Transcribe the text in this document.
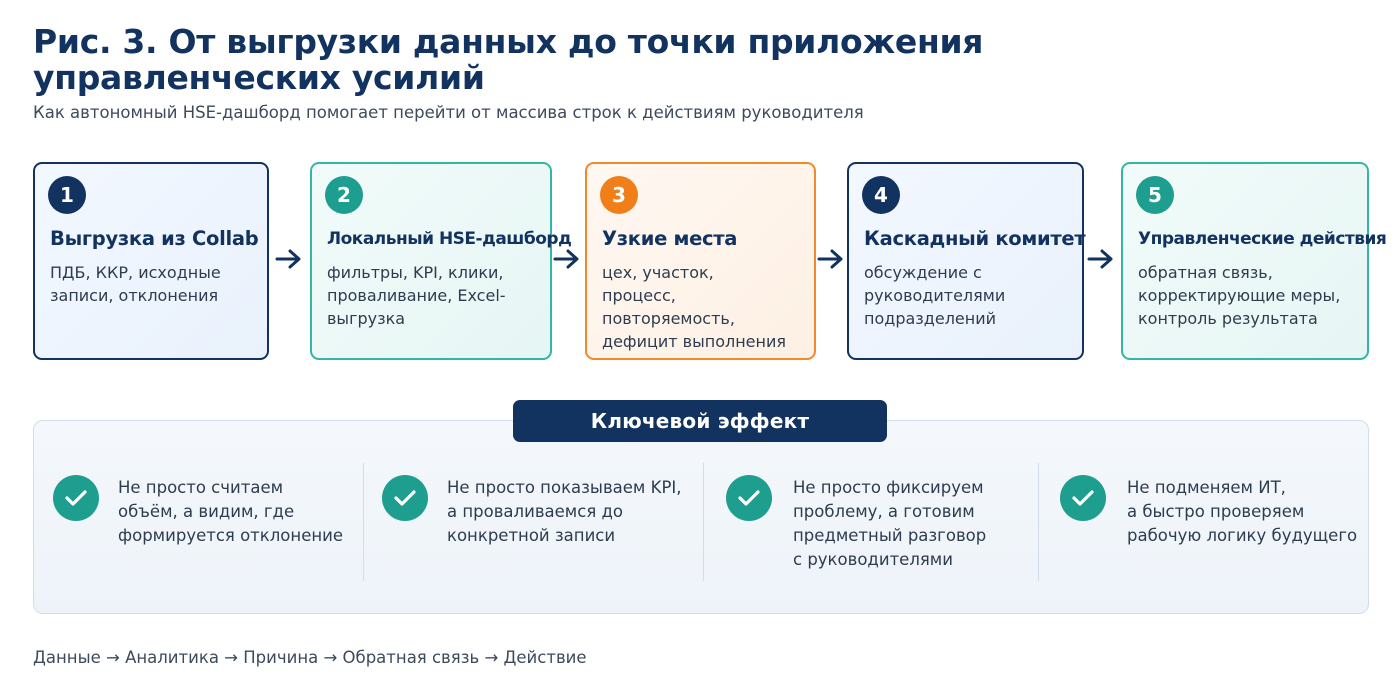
Рис. 3. От выгрузки данных до точки приложения управленческих усилий
Как автономный HSE-дашборд помогает перейти от массива строк к действиям руководителя
1
Выгрузка из Collab
ПДБ, ККР, исходные
записи, отклонения
2
Локальный HSE-дашборд
фильтры, KPI, клики,
проваливание, Excel-
выгрузка
3
Узкие места
цех, участок,
процесс,
повторяемость,
дефицит выполнения
4
Каскадный комитет
обсуждение с
руководителями
подразделений
5
Управленческие действия
обратная связь,
корректирующие меры,
контроль результата
Ключевой эффект
Не просто считаем
объём, а видим, где
формируется отклонение
Не просто показываем KPI,
а проваливаемся до
конкретной записи
Не просто фиксируем
проблему, а готовим
предметный разговор
с руководителями
Не подменяем ИТ,
а быстро проверяем
рабочую логику будущего
Данные → Аналитика → Причина → Обратная связь → Действие
